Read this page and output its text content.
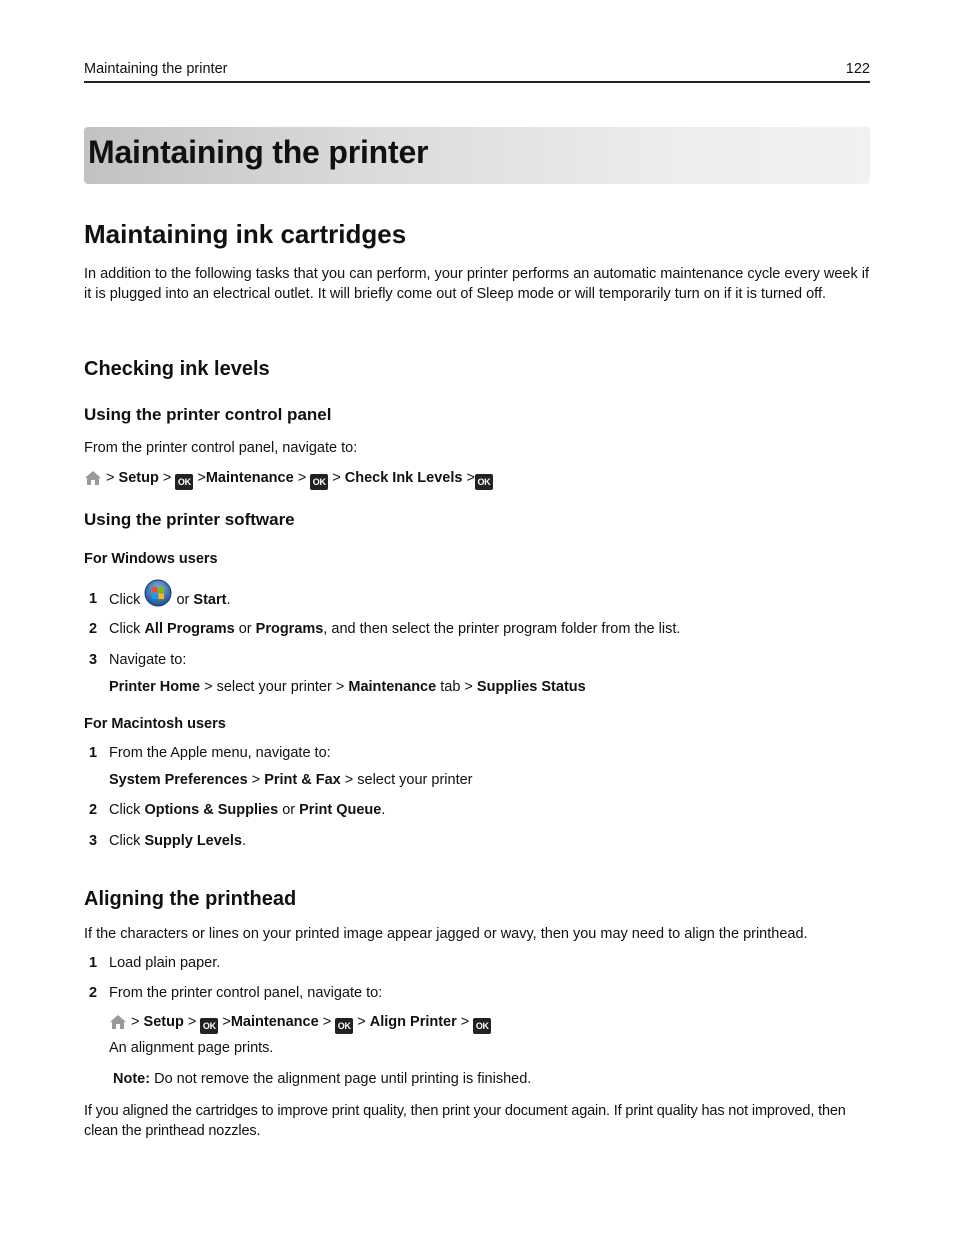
Maintaining the printer	122
Maintaining the printer
Maintaining ink cartridges

In addition to the following tasks that you can perform, your printer performs an automatic maintenance cycle every week if it is plugged into an electrical outlet. It will briefly come out of Sleep mode or will temporarily turn on if it is turned off.

Checking ink levels
Using the printer control panel

From the printer control panel, navigate to:

> Setup > OK >Maintenance > OK > Check Ink Levels > OK
Using the printer software
For Windows users
1 Click  or Start.
2 Click All Programs or Programs, and then select the printer program folder from the list.
3 Navigate to:
Printer Home > select your printer > Maintenance tab > Supplies Status
For Macintosh users
1 From the Apple menu, navigate to:
System Preferences > Print & Fax > select your printer
2 Click Options & Supplies or Print Queue.
3 Click Supply Levels.
Aligning the printhead

If the characters or lines on your printed image appear jagged or wavy, then you may need to align the printhead.

1 Load plain paper.
2 From the printer control panel, navigate to:
> Setup > OK >Maintenance > OK > Align Printer > OK
An alignment page prints.
Note: Do not remove the alignment page until printing is finished.

If you aligned the cartridges to improve print quality, then print your document again. If print quality has not improved, then clean the printhead nozzles.
